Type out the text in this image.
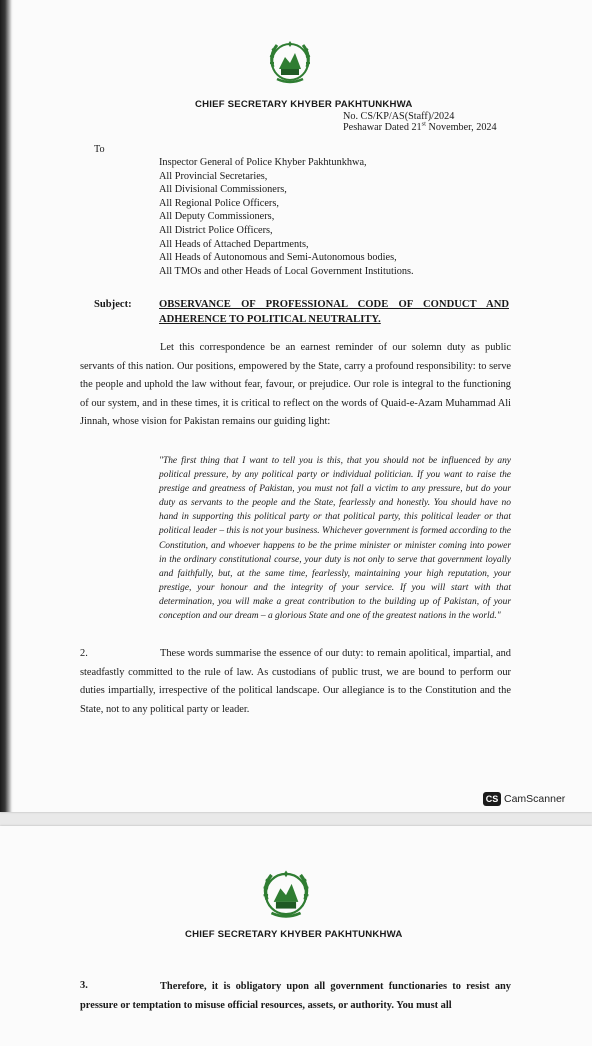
CHIEF SECRETARY KHYBER PAKHTUNKHWA
No. CS/KP/AS(Staff)/2024
Peshawar Dated 21st November, 2024
To
Inspector General of Police Khyber Pakhtunkhwa,
All Provincial Secretaries,
All Divisional Commissioners,
All Regional Police Officers,
All Deputy Commissioners,
All District Police Officers,
All Heads of Attached Departments,
All Heads of Autonomous and Semi-Autonomous bodies,
All TMOs and other Heads of Local Government Institutions.
Subject:	OBSERVANCE OF PROFESSIONAL CODE OF CONDUCT AND ADHERENCE TO POLITICAL NEUTRALITY.
Let this correspondence be an earnest reminder of our solemn duty as public servants of this nation. Our positions, empowered by the State, carry a profound responsibility: to serve the people and uphold the law without fear, favour, or prejudice. Our role is integral to the functioning of our system, and in these times, it is critical to reflect on the words of Quaid-e-Azam Muhammad Ali Jinnah, whose vision for Pakistan remains our guiding light:
"The first thing that I want to tell you is this, that you should not be influenced by any political pressure, by any political party or individual politician. If you want to raise the prestige and greatness of Pakistan, you must not fall a victim to any pressure, but do your duty as servants to the people and the State, fearlessly and honestly. You should have no hand in supporting this political party or that political party, this political leader or that political leader – this is not your business. Whichever government is formed according to the Constitution, and whoever happens to be the prime minister or minister coming into power in the ordinary constitutional course, your duty is not only to serve that government loyally and faithfully, but, at the same time, fearlessly, maintaining your high reputation, your prestige, your honour and the integrity of your service. If you will start with that determination, you will make a great contribution to the building up of Pakistan, of your conception and our dream – a glorious State and one of the greatest nations in the world."
2.	These words summarise the essence of our duty: to remain apolitical, impartial, and steadfastly committed to the rule of law. As custodians of public trust, we are bound to perform our duties impartially, irrespective of the political landscape. Our allegiance is to the Constitution and the State, not to any political party or leader.
CS CamScanner
CHIEF SECRETARY KHYBER PAKHTUNKHWA
3.	Therefore, it is obligatory upon all government functionaries to resist any pressure or temptation to misuse official resources, assets, or authority. You must all
